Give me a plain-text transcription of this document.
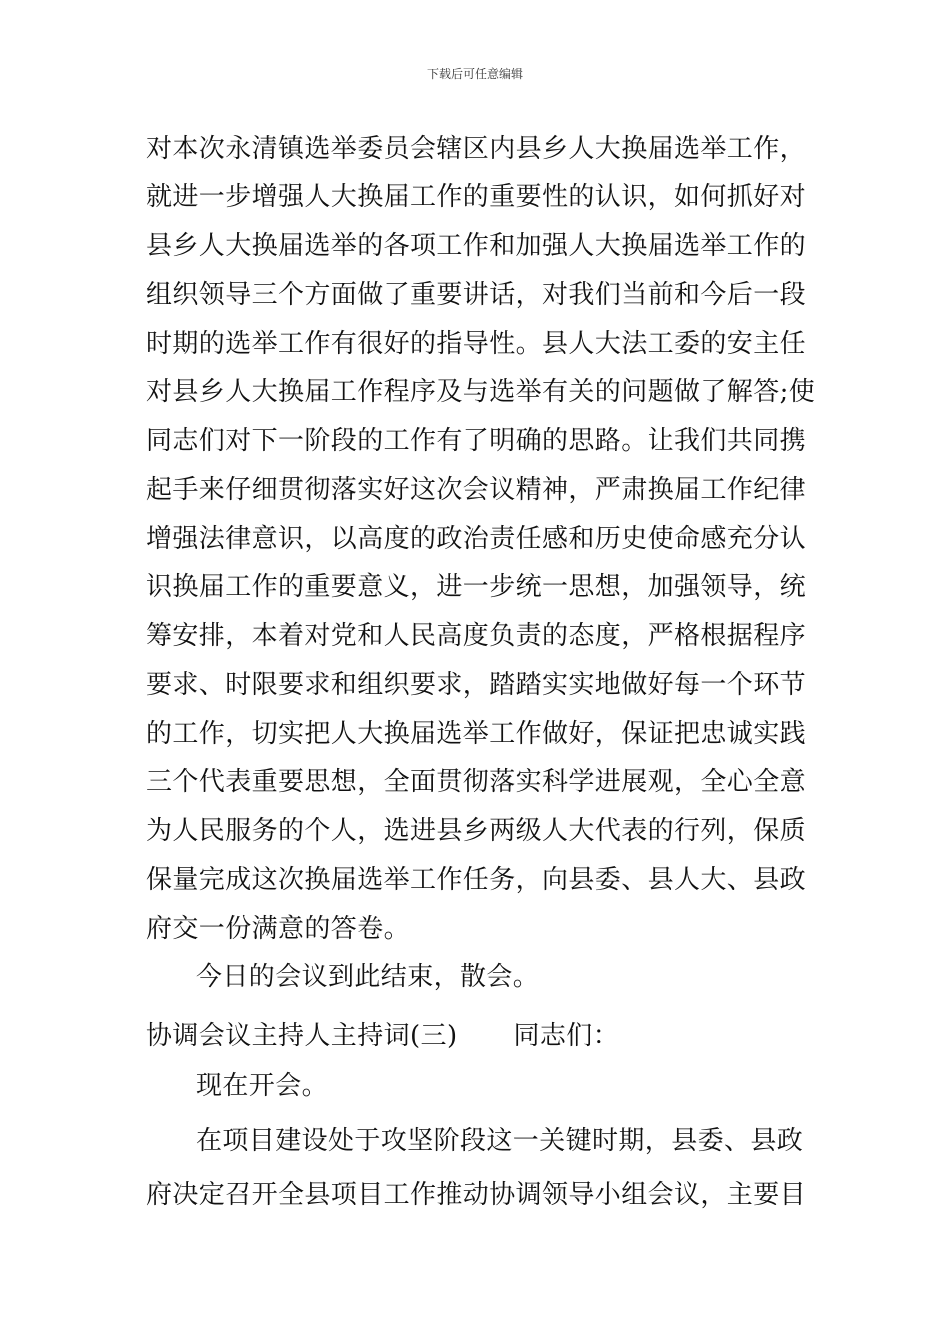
下载后可任意编辑
对本次永清镇选举委员会辖区内县乡人大换届选举工作，
就进一步增强人大换届工作的重要性的认识，如何抓好对
县乡人大换届选举的各项工作和加强人大换届选举工作的
组织领导三个方面做了重要讲话，对我们当前和今后一段
时期的选举工作有很好的指导性。县人大法工委的安主任
对县乡人大换届工作程序及与选举有关的问题做了解答;使
同志们对下一阶段的工作有了明确的思路。让我们共同携
起手来仔细贯彻落实好这次会议精神，严肃换届工作纪律
增强法律意识，以高度的政治责任感和历史使命感充分认
识换届工作的重要意义，进一步统一思想，加强领导，统
筹安排，本着对党和人民高度负责的态度，严格根据程序
要求、时限要求和组织要求，踏踏实实地做好每一个环节
的工作，切实把人大换届选举工作做好，保证把忠诚实践
三个代表重要思想，全面贯彻落实科学进展观，全心全意
为人民服务的个人，选进县乡两级人大代表的行列，保质
保量完成这次换届选举工作任务，向县委、县人大、县政
府交一份满意的答卷。
今日的会议到此结束，散会。
协调会议主持人主持词(三) 同志们：
现在开会。
在项目建设处于攻坚阶段这一关键时期，县委、县政
府决定召开全县项目工作推动协调领导小组会议，主要目
